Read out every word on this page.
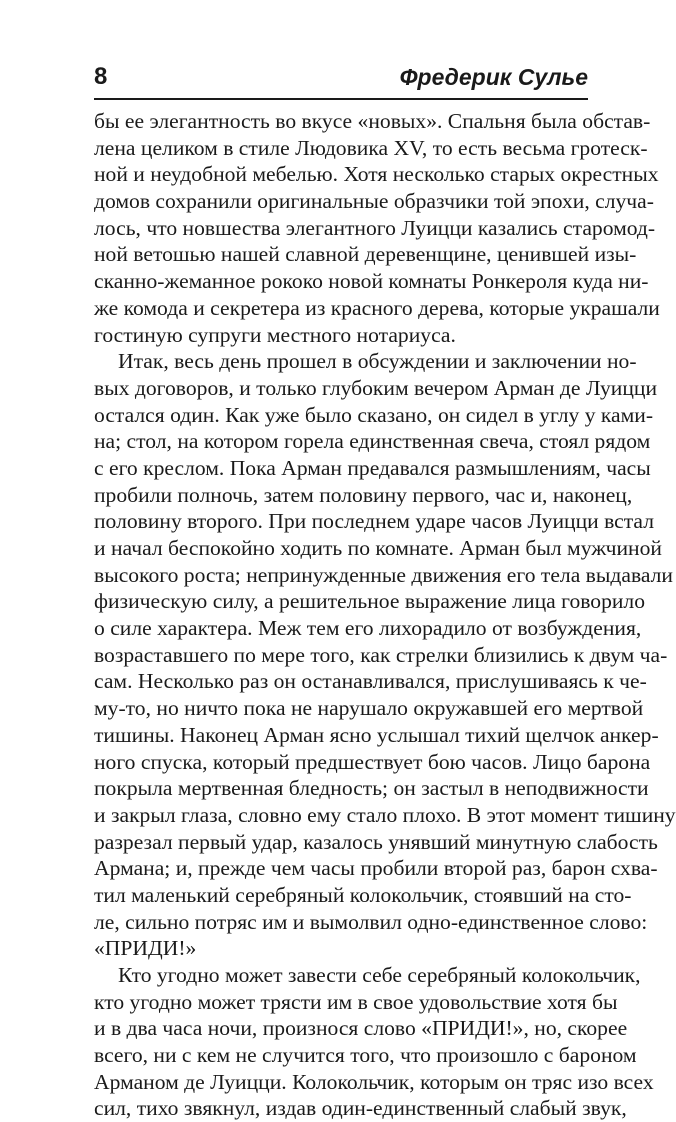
8	Фредерик Сулье
бы ее элегантность во вкусе «новых». Спальня была обстав-
лена целиком в стиле Людовика XV, то есть весьма гротеск-
ной и неудобной мебелью. Хотя несколько старых окрестных
домов сохранили оригинальные образчики той эпохи, случа-
лось, что новшества элегантного Луицци казались старомод-
ной ветошью нашей славной деревенщине, ценившей изы-
сканно-жеманное рококо новой комнаты Ронкероля куда ни-
же комода и секретера из красного дерева, которые украшали
гостиную супруги местного нотариуса.
Итак, весь день прошел в обсуждении и заключении но-
вых договоров, и только глубоким вечером Арман де Луицци
остался один. Как уже было сказано, он сидел в углу у ками-
на; стол, на котором горела единственная свеча, стоял рядом
с его креслом. Пока Арман предавался размышлениям, часы
пробили полночь, затем половину первого, час и, наконец,
половину второго. При последнем ударе часов Луицци встал
и начал беспокойно ходить по комнате. Арман был мужчиной
высокого роста; непринужденные движения его тела выдавали
физическую силу, а решительное выражение лица говорило
о силе характера. Меж тем его лихорадило от возбуждения,
возраставшего по мере того, как стрелки близились к двум ча-
сам. Несколько раз он останавливался, прислушиваясь к че-
му-то, но ничто пока не нарушало окружавшей его мертвой
тишины. Наконец Арман ясно услышал тихий щелчок анкер-
ного спуска, который предшествует бою часов. Лицо барона
покрыла мертвенная бледность; он застыл в неподвижности
и закрыл глаза, словно ему стало плохо. В этот момент тишину
разрезал первый удар, казалось унявший минутную слабость
Армана; и, прежде чем часы пробили второй раз, барон схва-
тил маленький серебряный колокольчик, стоявший на сто-
ле, сильно потряс им и вымолвил одно-единственное слово:
«ПРИДИ!»
Кто угодно может завести себе серебряный колокольчик,
кто угодно может трясти им в свое удовольствие хотя бы
и в два часа ночи, произнося слово «ПРИДИ!», но, скорее
всего, ни с кем не случится того, что произошло с бароном
Арманом де Луицци. Колокольчик, которым он тряс изо всех
сил, тихо звякнул, издав один-единственный слабый звук,
